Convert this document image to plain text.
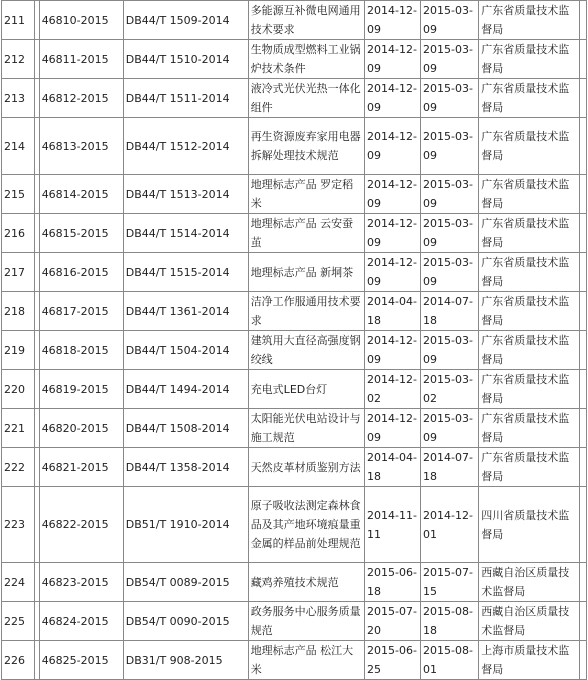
211		46810-2015	DB44/T 1509-2014	多能源互补微电网通用技术要求	2014-12-09	2015-03-09	广东省质量技术监督局	

212		46811-2015	DB44/T 1510-2014	生物质成型燃料工业锅炉技术条件	2014-12-09	2015-03-09	广东省质量技术监督局	

213		46812-2015	DB44/T 1511-2014	液冷式光伏光热一体化组件	2014-12-09	2015-03-09	广东省质量技术监督局	

214		46813-2015	DB44/T 1512-2014	再生资源废弃家用电器拆解处理技术规范	2014-12-09	2015-03-09	广东省质量技术监督局	

215		46814-2015	DB44/T 1513-2014	地理标志产品 罗定稻米	2014-12-09	2015-03-09	广东省质量技术监督局	

216		46815-2015	DB44/T 1514-2014	地理标志产品 云安蚕茧	2014-12-09	2015-03-09	广东省质量技术监督局	

217		46816-2015	DB44/T 1515-2014	地理标志产品 新垌茶	2014-12-09	2015-03-09	广东省质量技术监督局	

218		46817-2015	DB44/T 1361-2014	洁净工作服通用技术要求	2014-04-18	2014-07-18	广东省质量技术监督局	

219		46818-2015	DB44/T 1504-2014	建筑用大直径高强度钢绞线	2014-12-09	2015-03-09	广东省质量技术监督局	

220		46819-2015	DB44/T 1494-2014	充电式LED台灯	2014-12-02	2015-03-02	广东省质量技术监督局	

221		46820-2015	DB44/T 1508-2014	太阳能光伏电站设计与施工规范	2014-12-09	2015-03-09	广东省质量技术监督局	

222		46821-2015	DB44/T 1358-2014	天然皮革材质鉴别方法	2014-04-18	2014-07-18	广东省质量技术监督局	

223		46822-2015	DB51/T 1910-2014	原子吸收法测定森林食品及其产地环境痕量重金属的样品前处理规范	2014-11-11	2014-12-01	四川省质量技术监督局	

224		46823-2015	DB54/T 0089-2015	藏鸡养殖技术规范	2015-06-18	2015-07-15	西藏自治区质量技术监督局	

225		46824-2015	DB54/T 0090-2015	政务服务中心服务质量规范	2015-07-20	2015-08-18	西藏自治区质量技术监督局	

226		46825-2015	DB31/T 908-2015	地理标志产品 松江大米	2015-06-25	2015-08-01	上海市质量技术监督局	
